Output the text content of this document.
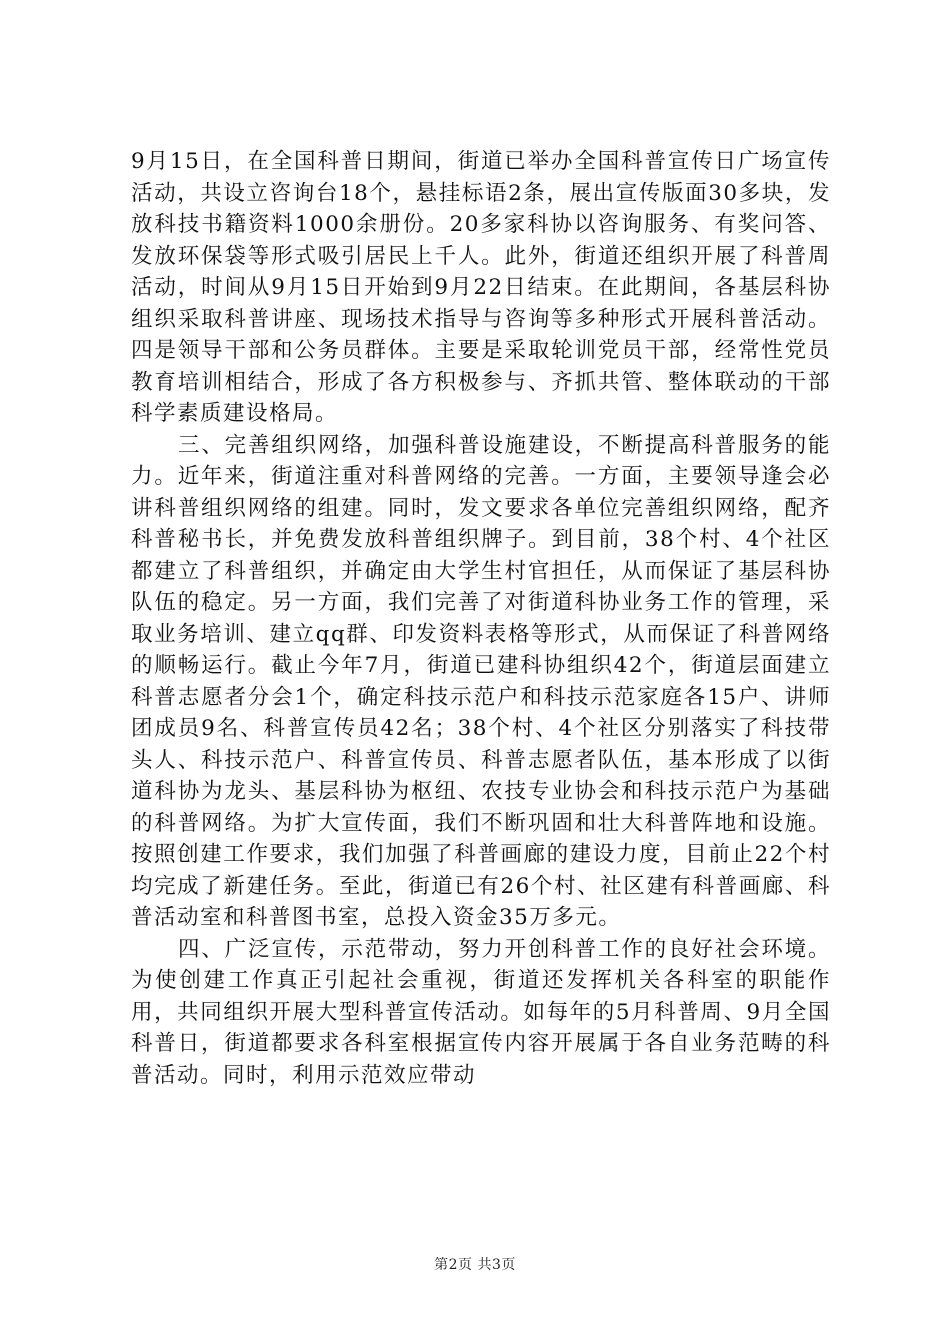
9月15日，在全国科普日期间，街道已举办全国科普宣传日广场宣传活动，共设立咨询台18个，悬挂标语2条，展出宣传版面30多块，发放科技书籍资料1000余册份。20多家科协以咨询服务、有奖问答、发放环保袋等形式吸引居民上千人。此外，街道还组织开展了科普周活动，时间从9月15日开始到9月22日结束。在此期间，各基层科协组织采取科普讲座、现场技术指导与咨询等多种形式开展科普活动。四是领导干部和公务员群体。主要是采取轮训党员干部，经常性党员教育培训相结合，形成了各方积极参与、齐抓共管、整体联动的干部科学素质建设格局。

三、完善组织网络，加强科普设施建设，不断提高科普服务的能力。近年来，街道注重对科普网络的完善。一方面，主要领导逢会必讲科普组织网络的组建。同时，发文要求各单位完善组织网络，配齐科普秘书长，并免费发放科普组织牌子。到目前，38个村、4个社区都建立了科普组织，并确定由大学生村官担任，从而保证了基层科协队伍的稳定。另一方面，我们完善了对街道科协业务工作的管理，采取业务培训、建立qq群、印发资料表格等形式，从而保证了科普网络的顺畅运行。截止今年7月，街道已建科协组织42个，街道层面建立科普志愿者分会1个，确定科技示范户和科技示范家庭各15户、讲师团成员9名、科普宣传员42名；38个村、4个社区分别落实了科技带头人、科技示范户、科普宣传员、科普志愿者队伍，基本形成了以街道科协为龙头、基层科协为枢纽、农技专业协会和科技示范户为基础的科普网络。为扩大宣传面，我们不断巩固和壮大科普阵地和设施。按照创建工作要求，我们加强了科普画廊的建设力度，目前止22个村均完成了新建任务。至此，街道已有26个村、社区建有科普画廊、科普活动室和科普图书室，总投入资金35万多元。

四、广泛宣传，示范带动，努力开创科普工作的良好社会环境。为使创建工作真正引起社会重视，街道还发挥机关各科室的职能作用，共同组织开展大型科普宣传活动。如每年的5月科普周、9月全国科普日，街道都要求各科室根据宣传内容开展属于各自业务范畴的科普活动。同时，利用示范效应带动

第2页 共3页
